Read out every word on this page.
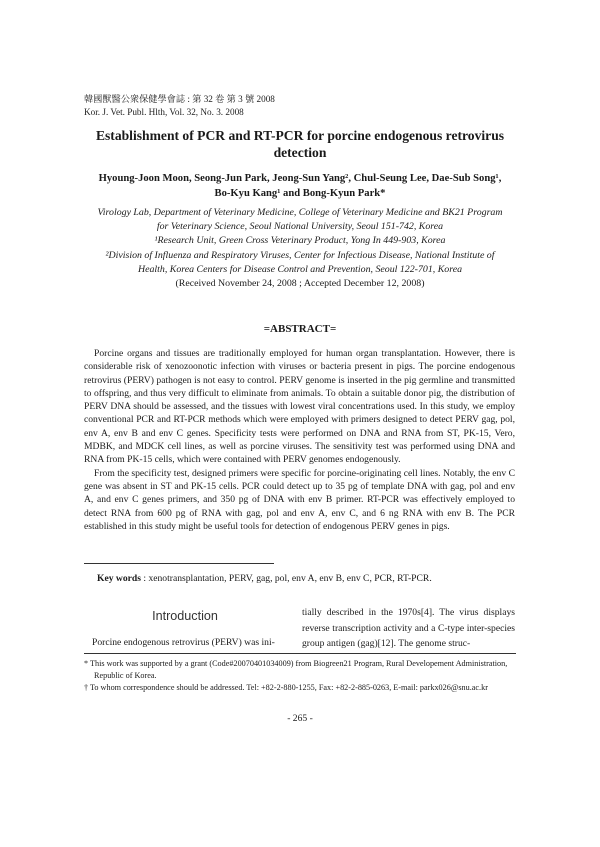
韓國獸醫公衆保健學會誌 : 第 32 卷 第 3 號 2008
Kor. J. Vet. Publ. Hlth, Vol. 32, No. 3. 2008
Establishment of PCR and RT-PCR for porcine endogenous retrovirus detection
Hyoung-Joon Moon, Seong-Jun Park, Jeong-Sun Yang², Chul-Seung Lee, Dae-Sub Song¹,
Bo-Kyu Kang¹ and Bong-Kyun Park*
Virology Lab, Department of Veterinary Medicine, College of Veterinary Medicine and BK21 Program
for Veterinary Science, Seoul National University, Seoul 151-742, Korea
¹Research Unit, Green Cross Veterinary Product, Yong In 449-903, Korea
²Division of Influenza and Respiratory Viruses, Center for Infectious Disease, National Institute of
Health, Korea Centers for Disease Control and Prevention, Seoul 122-701, Korea
(Received November 24, 2008 ; Accepted December 12, 2008)
=ABSTRACT=

Porcine organs and tissues are traditionally employed for human organ transplantation. However, there is considerable risk of xenozoonotic infection with viruses or bacteria present in pigs. The porcine endogenous retrovirus (PERV) pathogen is not easy to control. PERV genome is inserted in the pig germline and transmitted to offspring, and thus very difficult to eliminate from animals. To obtain a suitable donor pig, the distribution of PERV DNA should be assessed, and the tissues with lowest viral concentrations used. In this study, we employ conventional PCR and RT-PCR methods which were employed with primers designed to detect PERV gag, pol, env A, env B and env C genes. Specificity tests were performed on DNA and RNA from ST, PK-15, Vero, MDBK, and MDCK cell lines, as well as porcine viruses. The sensitivity test was performed using DNA and RNA from PK-15 cells, which were contained with PERV genomes endogenously.

From the specificity test, designed primers were specific for porcine-originating cell lines. Notably, the env C gene was absent in ST and PK-15 cells. PCR could detect up to 35 pg of template DNA with gag, pol and env A, and env C genes primers, and 350 pg of DNA with env B primer. RT-PCR was effectively employed to detect RNA from 600 pg of RNA with gag, pol and env A, env C, and 6 ng RNA with env B. The PCR established in this study might be useful tools for detection of endogenous PERV genes in pigs.

Key words : xenotransplantation, PERV, gag, pol, env A, env B, env C, PCR, RT-PCR.
Introduction

Porcine endogenous retrovirus (PERV) was ini-

tially described in the 1970s[4]. The virus displays reverse transcription activity and a C-type inter-species group antigen (gag)[12]. The genome struc-

* This work was supported by a grant (Code#20070401034009) from Biogreen21 Program, Rural Developement Administration, Republic of Korea.

† To whom correspondence should be addressed. Tel: +82-2-880-1255, Fax: +82-2-885-0263, E-mail: parkx026@snu.ac.kr

- 265 -
